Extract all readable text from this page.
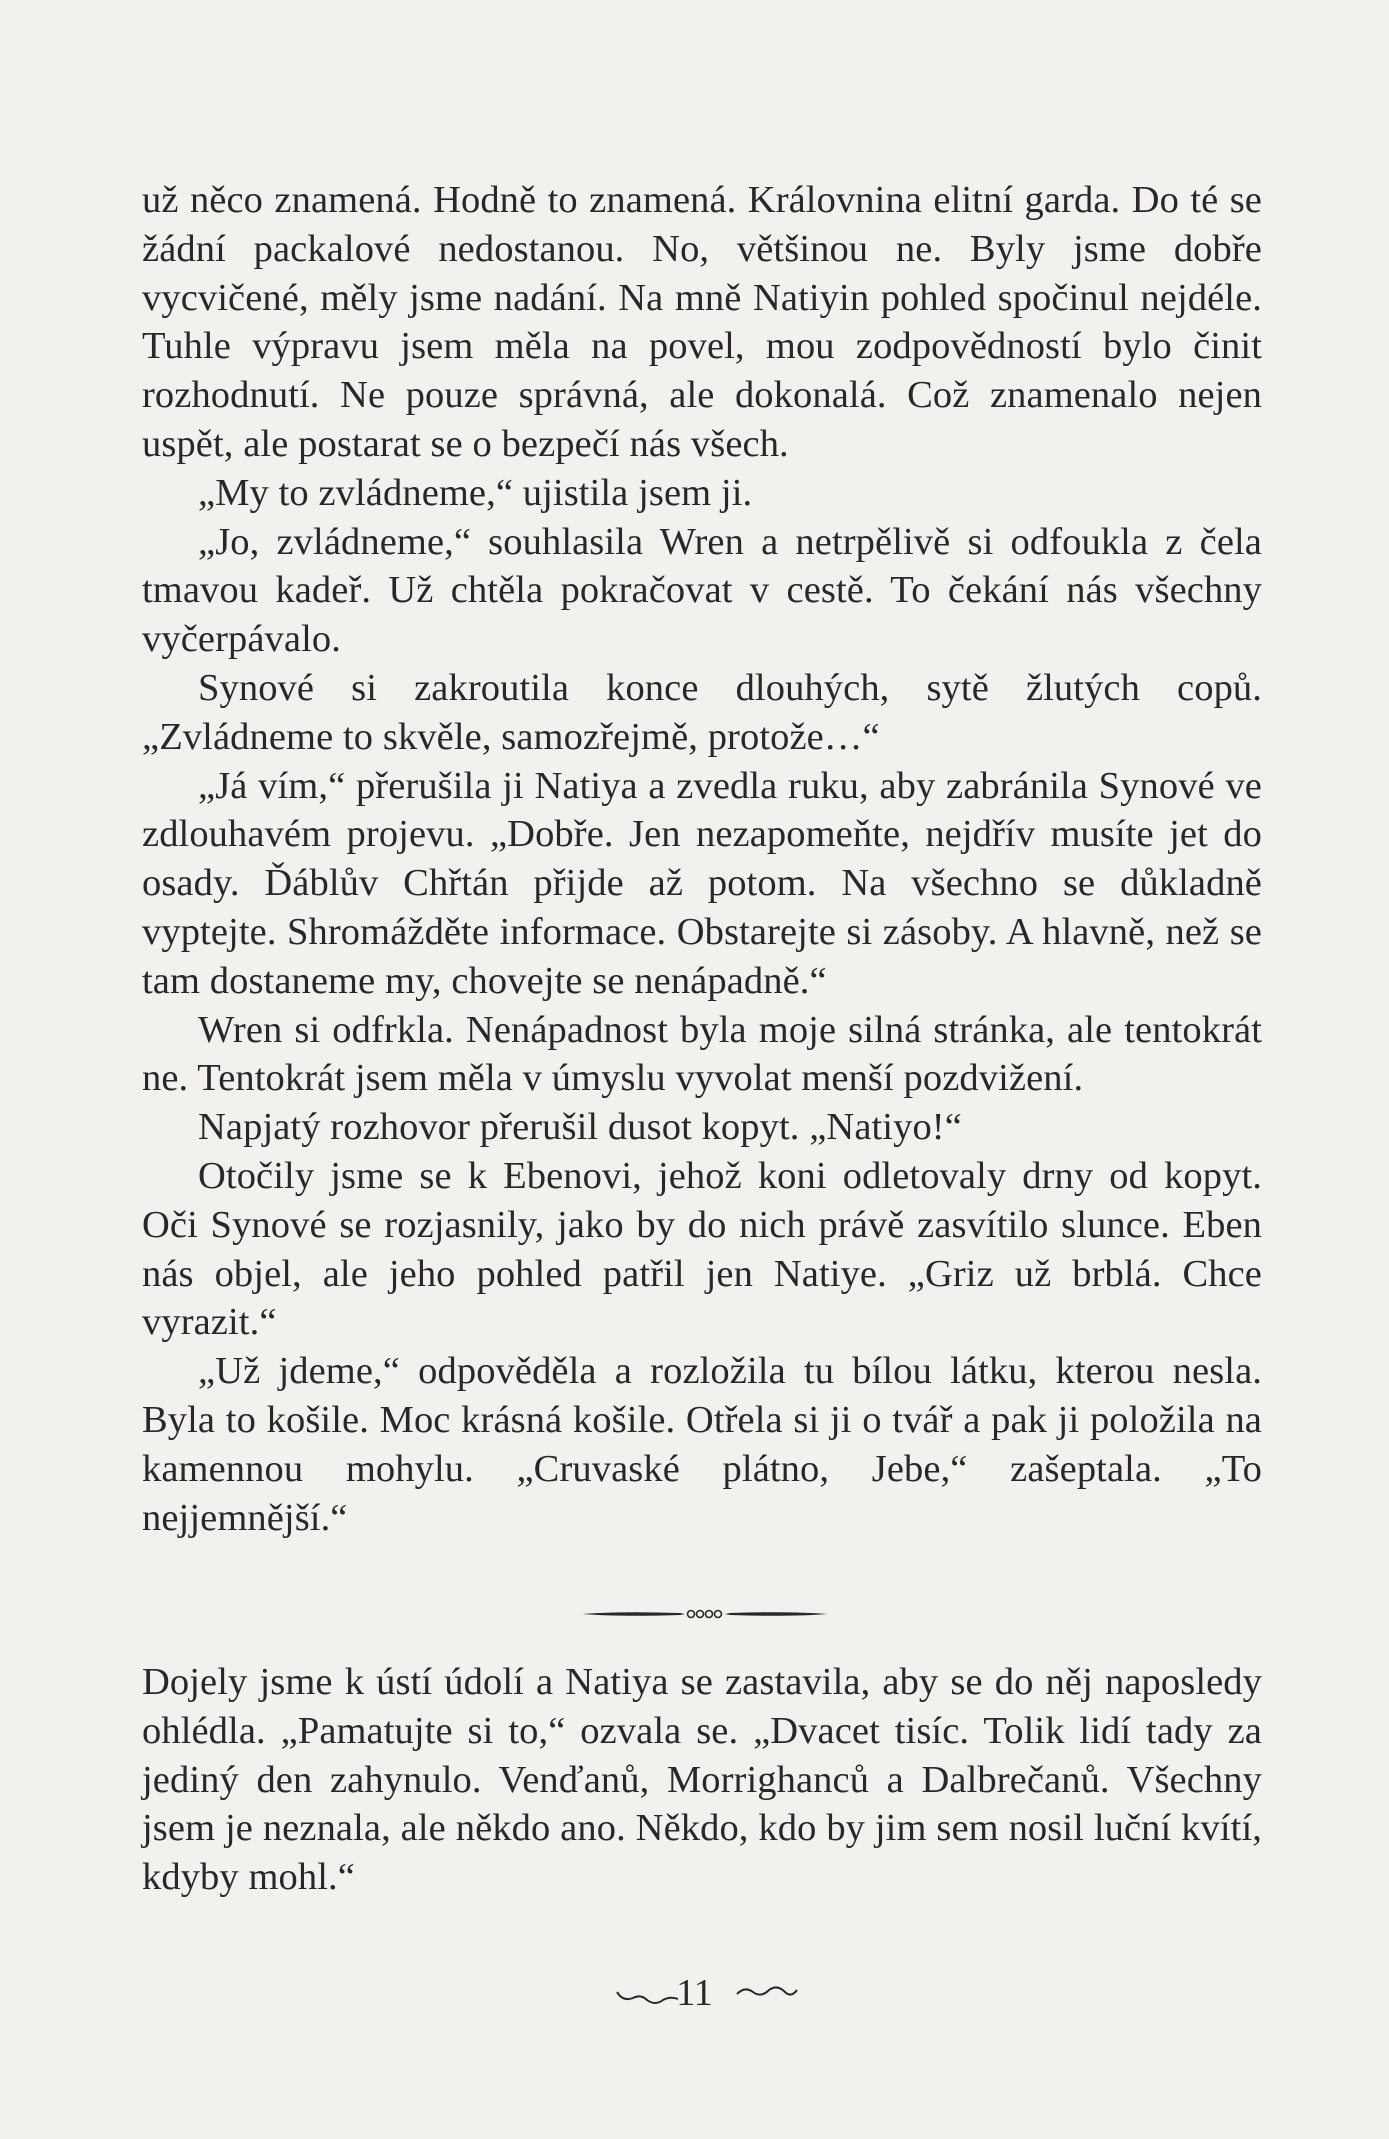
už něco znamená. Hodně to znamená. Královnina elitní garda. Do té se žádní packalové nedostanou. No, většinou ne. Byly jsme dobře vycvičené, měly jsme nadání. Na mně Natiyin pohled spočinul nejdéle. Tuhle výpravu jsem měla na povel, mou zodpovědností bylo činit rozhodnutí. Ne pouze správná, ale dokonalá. Což znamenalo nejen uspět, ale postarat se o bezpečí nás všech.

„My to zvládneme,“ ujistila jsem ji.

„Jo, zvládneme,“ souhlasila Wren a netrpělivě si odfoukla z čela tmavou kadeř. Už chtěla pokračovat v cestě. To čekání nás všechny vyčerpávalo.

Synové si zakroutila konce dlouhých, sytě žlutých copů. „Zvládneme to skvěle, samozřejmě, protože…“

„Já vím,“ přerušila ji Natiya a zvedla ruku, aby zabránila Synové ve zdlouhavém projevu. „Dobře. Jen nezapomeňte, nejdřív musíte jet do osady. Ďáblův Chřtán přijde až potom. Na všechno se důkladně vyptejte. Shromážděte informace. Obstarejte si zásoby. A hlavně, než se tam dostaneme my, chovejte se nenápadně.“

Wren si odfrkla. Nenápadnost byla moje silná stránka, ale tentokrát ne. Tentokrát jsem měla v úmyslu vyvolat menší pozdvižení.

Napjatý rozhovor přerušil dusot kopyt. „Natiyo!“

Otočily jsme se k Ebenovi, jehož koni odletovaly drny od kopyt. Oči Synové se rozjasnily, jako by do nich právě zasvítilo slunce. Eben nás objel, ale jeho pohled patřil jen Natiye. „Griz už brblá. Chce vyrazit.“

„Už jdeme,“ odpověděla a rozložila tu bílou látku, kterou nesla. Byla to košile. Moc krásná košile. Otřela si ji o tvář a pak ji položila na kamennou mohylu. „Cruvaské plátno, Jebe,“ zašeptala. „To nejjemnější.“

Dojely jsme k ústí údolí a Natiya se zastavila, aby se do něj naposledy ohlédla. „Pamatujte si to,“ ozvala se. „Dvacet tisíc. Tolik lidí tady za jediný den zahynulo. Venďanů, Morrighanců a Dalbrečanů. Všechny jsem je neznala, ale někdo ano. Někdo, kdo by jim sem nosil luční kvítí, kdyby mohl.“

11
